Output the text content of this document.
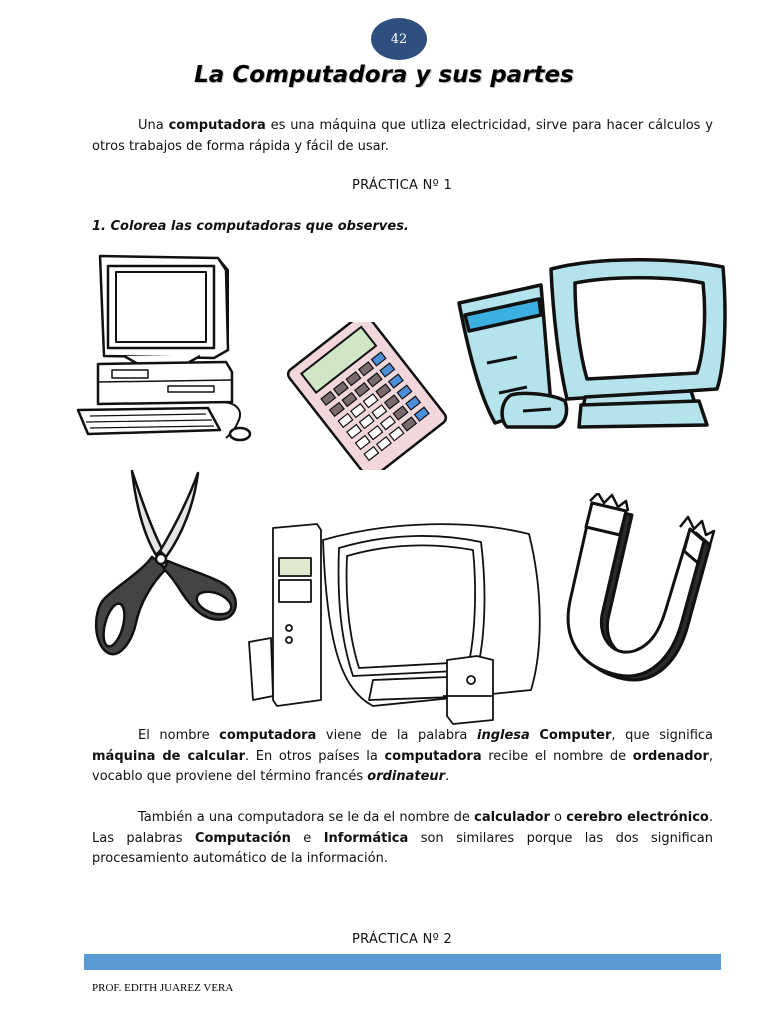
42
La Computadora y sus partes

Una computadora es una máquina que utliza electricidad, sirve para hacer cálculos y otros trabajos de forma rápida y fácil de usar.

PRÁCTICA Nº 1
1. Colorea las computadoras que observes.

El nombre computadora viene de la palabra inglesa Computer, que significa máquina de calcular. En otros países la computadora recibe el nombre de ordenador, vocablo que proviene del término francés ordinateur.

También a una computadora se le da el nombre de calculador o cerebro electrónico. Las palabras Computación e Informática son similares porque las dos significan procesamiento automático de la información.

PRÁCTICA Nº 2
PROF. EDITH JUAREZ VERA
